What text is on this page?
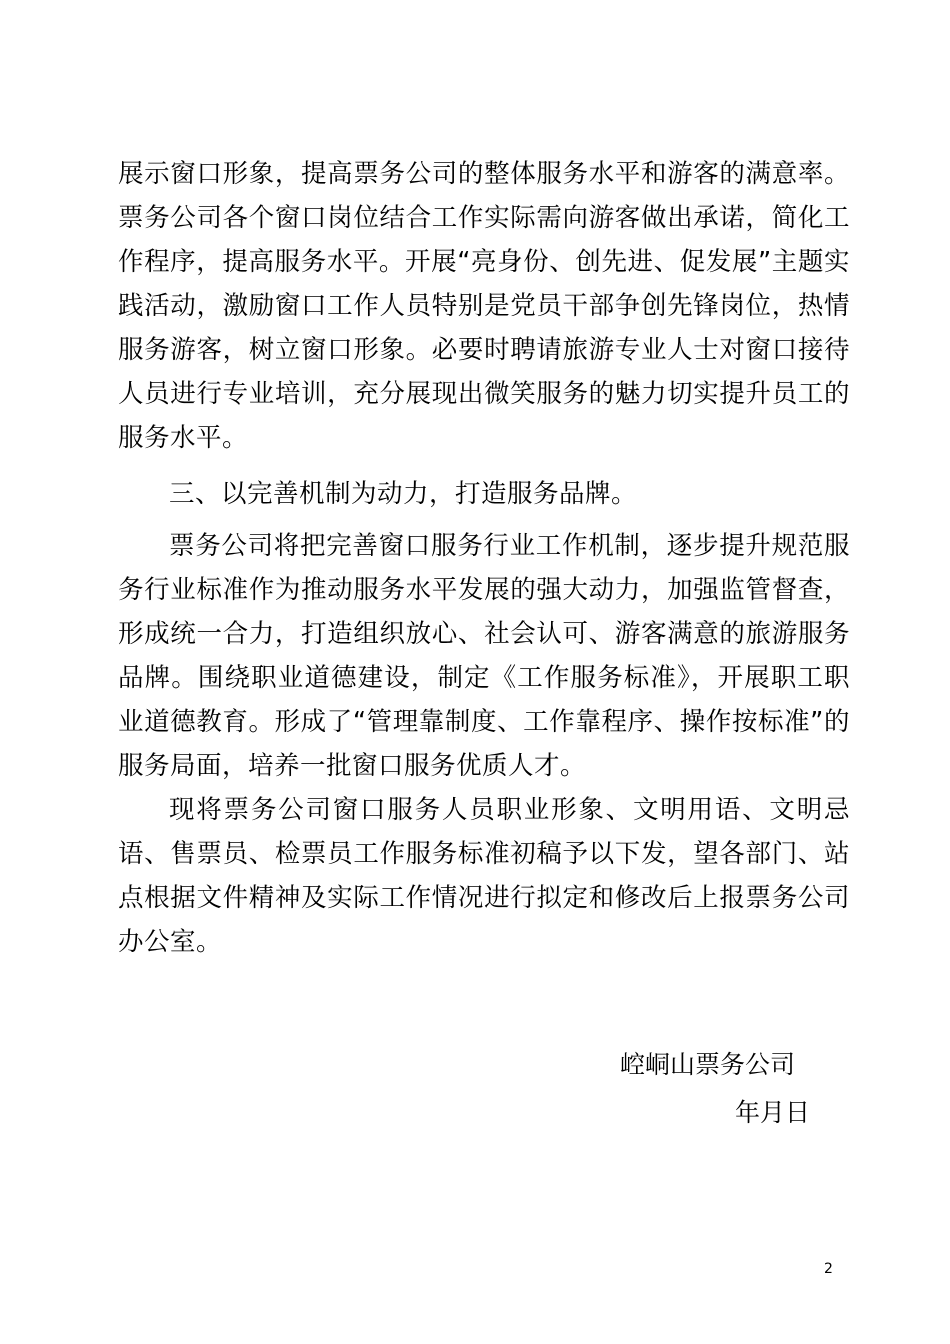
展示窗口形象，提高票务公司的整体服务水平和游客的满意率。票务公司各个窗口岗位结合工作实际需向游客做出承诺，简化工作程序，提高服务水平。开展“亮身份、创先进、促发展”主题实践活动，激励窗口工作人员特别是党员干部争创先锋岗位，热情服务游客，树立窗口形象。必要时聘请旅游专业人士对窗口接待人员进行专业培训，充分展现出微笑服务的魅力切实提升员工的服务水平。

三、以完善机制为动力，打造服务品牌。

票务公司将把完善窗口服务行业工作机制，逐步提升规范服务行业标准作为推动服务水平发展的强大动力，加强监管督查，形成统一合力，打造组织放心、社会认可、游客满意的旅游服务品牌。围绕职业道德建设，制定《工作服务标准》，开展职工职业道德教育。形成了“管理靠制度、工作靠程序、操作按标准”的服务局面，培养一批窗口服务优质人才。

现将票务公司窗口服务人员职业形象、文明用语、文明忌语、售票员、检票员工作服务标准初稿予以下发，望各部门、站点根据文件精神及实际工作情况进行拟定和修改后上报票务公司办公室。

崆峒山票务公司
年月日
2
